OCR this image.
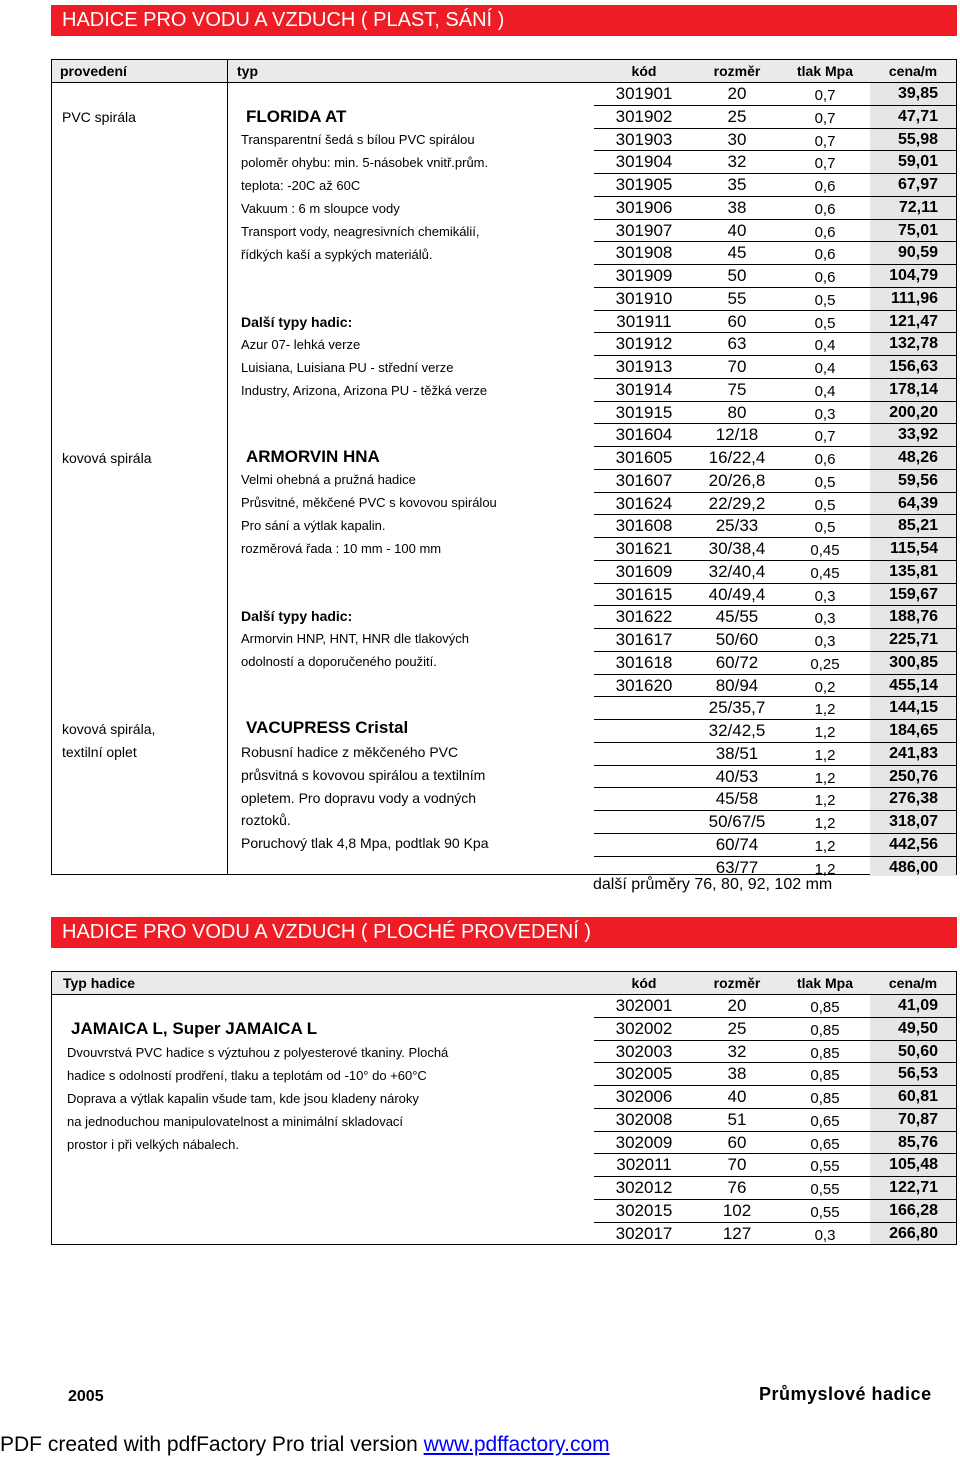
HADICE PRO VODU A VZDUCH ( PLAST, SÁNÍ )
provedení	typ	kód	rozměr	tlak Mpa	cena/m
301901	20	0,7	39,85
301902	25	0,7	47,71
301903	30	0,7	55,98
301904	32	0,7	59,01
301905	35	0,6	67,97
301906	38	0,6	72,11
301907	40	0,6	75,01
301908	45	0,6	90,59
301909	50	0,6	104,79
301910	55	0,5	111,96
301911	60	0,5	121,47
301912	63	0,4	132,78
301913	70	0,4	156,63
301914	75	0,4	178,14
301915	80	0,3	200,20
301604	12/18	0,7	33,92
301605	16/22,4	0,6	48,26
301607	20/26,8	0,5	59,56
301624	22/29,2	0,5	64,39
301608	25/33	0,5	85,21
301621	30/38,4	0,45	115,54
301609	32/40,4	0,45	135,81
301615	40/49,4	0,3	159,67
301622	45/55	0,3	188,76
301617	50/60	0,3	225,71
301618	60/72	0,25	300,85
301620	80/94	0,2	455,14
25/35,7	1,2	144,15
32/42,5	1,2	184,65
38/51	1,2	241,83
40/53	1,2	250,76
45/58	1,2	276,38
50/67/5	1,2	318,07
60/74	1,2	442,56
63/77	1,2	486,00
PVC spirála	FLORIDA AT
Transparentní šedá s bílou PVC spirálou
poloměr ohybu: min. 5-násobek vnitř.prům.
teplota: -20C až 60C
Vakuum : 6 m sloupce vody
Transport vody, neagresivních chemikálií,
řídkých kaší a sypkých materiálů.
Další typy hadic:
Azur 07- lehká verze
Luisiana, Luisiana PU - střední verze
Industry, Arizona, Arizona PU - těžká verze
kovová spirála	ARMORVIN HNA
Velmi ohebná a pružná hadice
Průsvitné, měkčené PVC s kovovou spirálou
Pro sání a výtlak kapalin.
rozměrová řada : 10 mm - 100 mm
Další typy hadic:
Armorvin HNP, HNT, HNR dle tlakových
odolností a doporučeného použití.
kovová spirála,
textilní oplet
VACUPRESS Cristal
Robusní hadice z měkčeného PVC
průsvitná s kovovou spirálou a textilním
opletem. Pro dopravu vody a vodných
roztoků.
Poruchový tlak 4,8 Mpa, podtlak 90 Kpa
další průměry 76, 80, 92, 102 mm
HADICE PRO VODU A VZDUCH ( PLOCHÉ PROVEDENÍ )
Typ hadice	kód	rozměr	tlak Mpa	cena/m
302001	20	0,85	41,09
302002	25	0,85	49,50
302003	32	0,85	50,60
302005	38	0,85	56,53
302006	40	0,85	60,81
302008	51	0,65	70,87
302009	60	0,65	85,76
302011	70	0,55	105,48
302012	76	0,55	122,71
302015	102	0,55	166,28
302017	127	0,3	266,80
JAMAICA L, Super JAMAICA L
Dvouvrstvá PVC hadice s výztuhou z polyesterové tkaniny. Plochá
hadice s odolností prodření, tlaku a teplotám od -10° do +60°C
Doprava a výtlak kapalin všude tam, kde jsou kladeny nároky
na jednoduchou manipulovatelnost a minimální skladovací
prostor i při velkých nábalech.
2005	Průmyslové hadice
PDF created with pdfFactory Pro trial version www.pdffactory.com
